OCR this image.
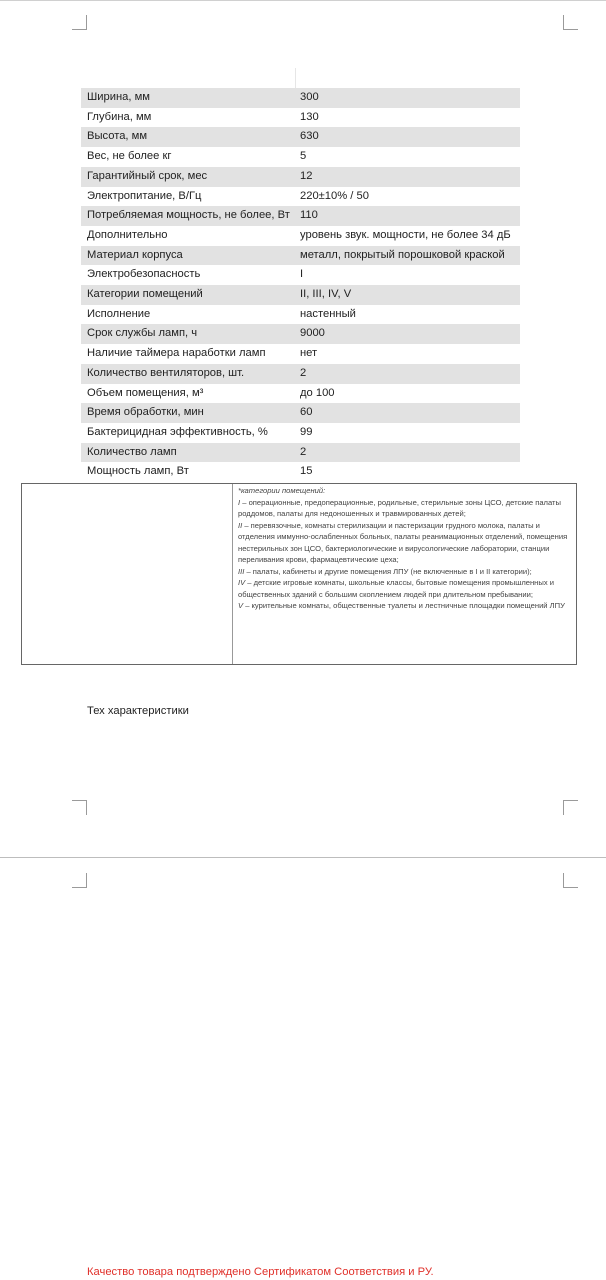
Ширина, мм	300
Глубина, мм	130
Высота, мм	630
Вес, не более кг	5
Гарантийный срок, мес	12
Электропитание, В/Гц	220±10% / 50
Потребляемая мощность, не более, Вт	110
Дополнительно	уровень звук. мощности, не более 34 дБ
Материал корпуса	металл, покрытый порошковой краской
Электробезопасность	I
Категории помещений	II, III, IV, V
Исполнение	настенный
Срок службы ламп, ч	9000
Наличие таймера наработки ламп	нет
Количество вентиляторов, шт.	2
Объем помещения, м³	до 100
Время обработки, мин	60
Бактерицидная эффективность, %	99
Количество ламп	2
Мощность ламп, Вт	15

*категории помещений:

I – операционные, предоперационные, родильные, стерильные зоны ЦСО, детские палаты роддомов, палаты для недоношенных и травмированных детей;

II – перевязочные, комнаты стерилизации и пастеризации грудного молока, палаты и отделения иммунно-ослабленных больных, палаты реанимационных отделений, помещения нестерильных зон ЦСО, бактериологические и вирусологические лаборатории, станции переливания крови, фармацевтические цеха;

III – палаты, кабинеты и другие помещения ЛПУ (не включенные в I и II категории);

IV – детские игровые комнаты, школьные классы, бытовые помещения промышленных и общественных зданий с большим скоплением людей при длительном пребывании;

V – курительные комнаты, общественные туалеты и лестничные площадки помещений ЛПУ

Тех характеристики
Качество товара подтверждено Сертификатом Соответствия и РУ.
